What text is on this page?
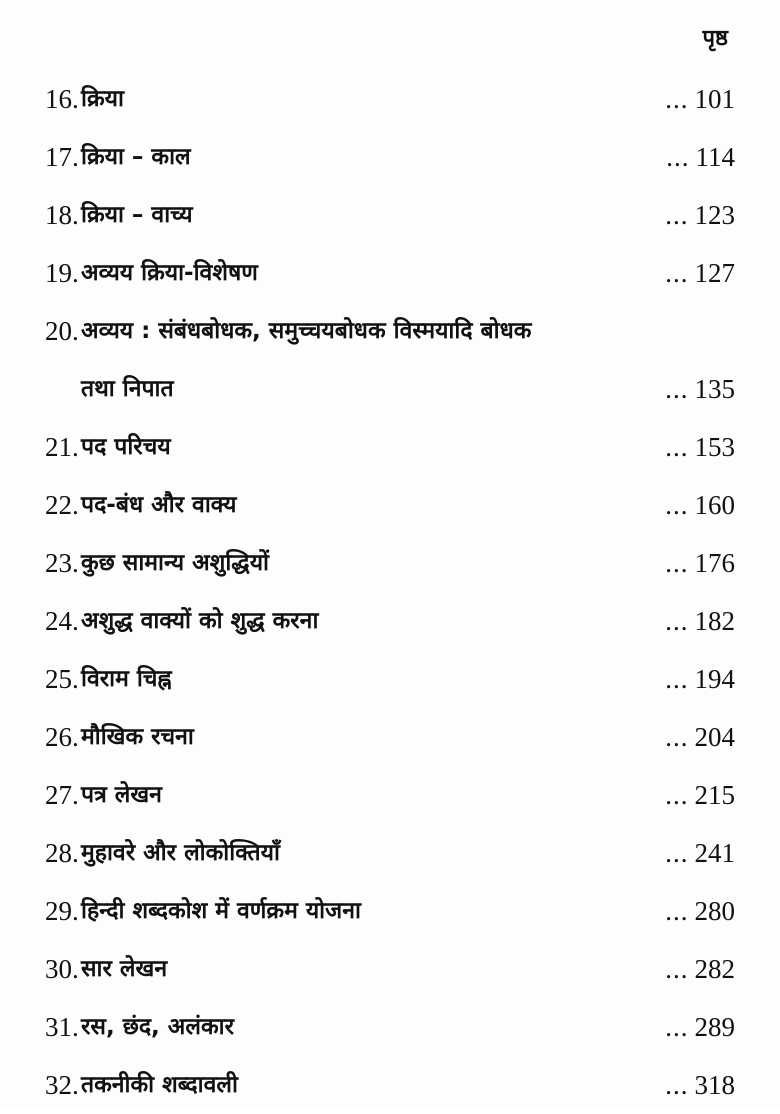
पृष्ठ
16. क्रिया	... 101
17. क्रिया – काल	... 114
18. क्रिया – वाच्य	... 123
19. अव्यय क्रिया-विशेषण	... 127
20. अव्यय : संबंधबोधक, समुच्चयबोधक विस्मयादि बोधक
तथा निपात	... 135
21. पद परिचय	... 153
22. पद-बंध और वाक्य	... 160
23. कुछ सामान्य अशुद्धियों	... 176
24. अशुद्ध वाक्यों को शुद्ध करना	... 182
25. विराम चिह्न	... 194
26. मौखिक रचना	... 204
27. पत्र लेखन	... 215
28. मुहावरे और लोकोक्तियाँ	... 241
29. हिन्दी शब्दकोश में वर्णक्रम योजना	... 280
30. सार लेखन	... 282
31. रस, छंद, अलंकार	... 289
32. तकनीकी शब्दावली	... 318
